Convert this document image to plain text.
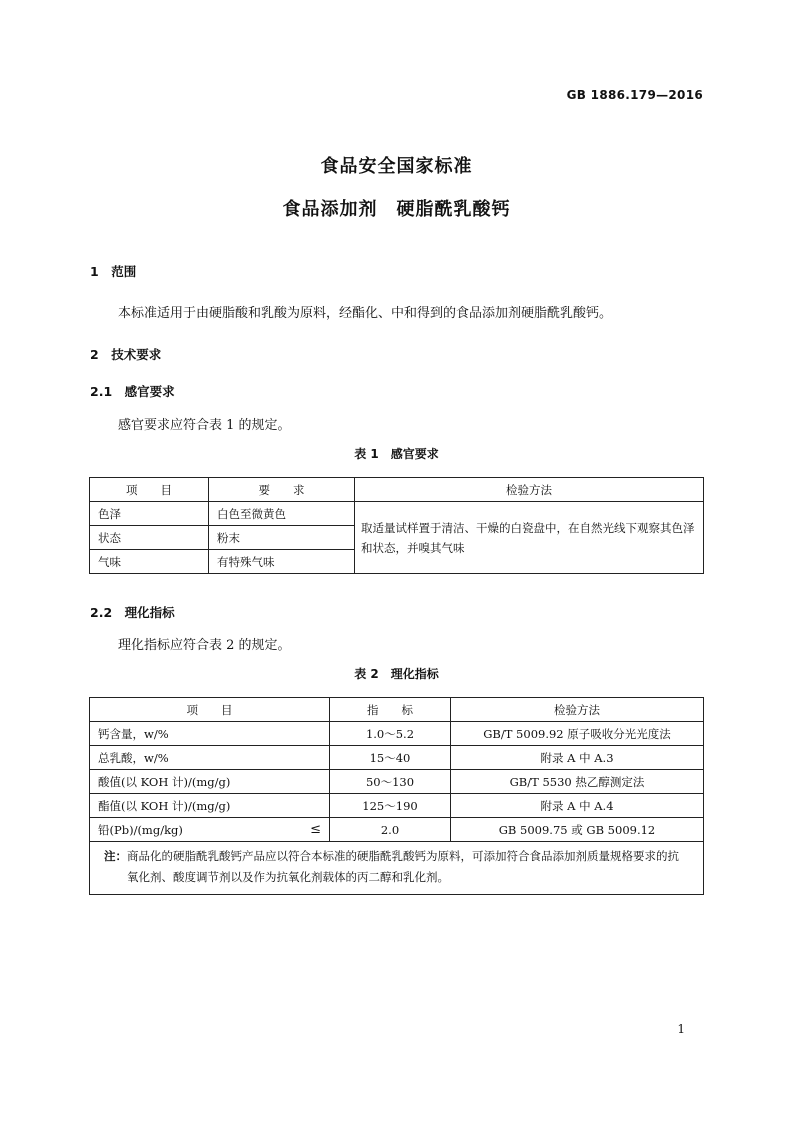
GB 1886.179—2016
食品安全国家标准
食品添加剂　硬脂酰乳酸钙
1　范围
本标准适用于由硬脂酸和乳酸为原料，经酯化、中和得到的食品添加剂硬脂酰乳酸钙。
2　技术要求
2.1　感官要求
感官要求应符合表 1 的规定。
表 1　感官要求
项　　目	要　　求	检验方法
色泽	白色至微黄色	取适量试样置于清洁、干燥的白瓷盘中，在自然光线下观察其色泽和状态，并嗅其气味
状态	粉末	
气味	有特殊气味	
2.2　理化指标
理化指标应符合表 2 的规定。
表 2　理化指标
项　　目	指　　标	检验方法
钙含量，w/%	1.0～5.2	GB/T 5009.92 原子吸收分光光度法
总乳酸，w/%	15～40	附录 A 中 A.3
酸值(以 KOH 计)/(mg/g)	50～130	GB/T 5530 热乙醇测定法
酯值(以 KOH 计)/(mg/g)	125～190	附录 A 中 A.4
铅(Pb)/(mg/kg) ≤	2.0	GB 5009.75 或 GB 5009.12

注： 商品化的硬脂酰乳酸钙产品应以符合本标准的硬脂酰乳酸钙为原料，可添加符合食品添加剂质量规格要求的抗氧化剂、酸度调节剂以及作为抗氧化剂载体的丙二醇和乳化剂。		
1
